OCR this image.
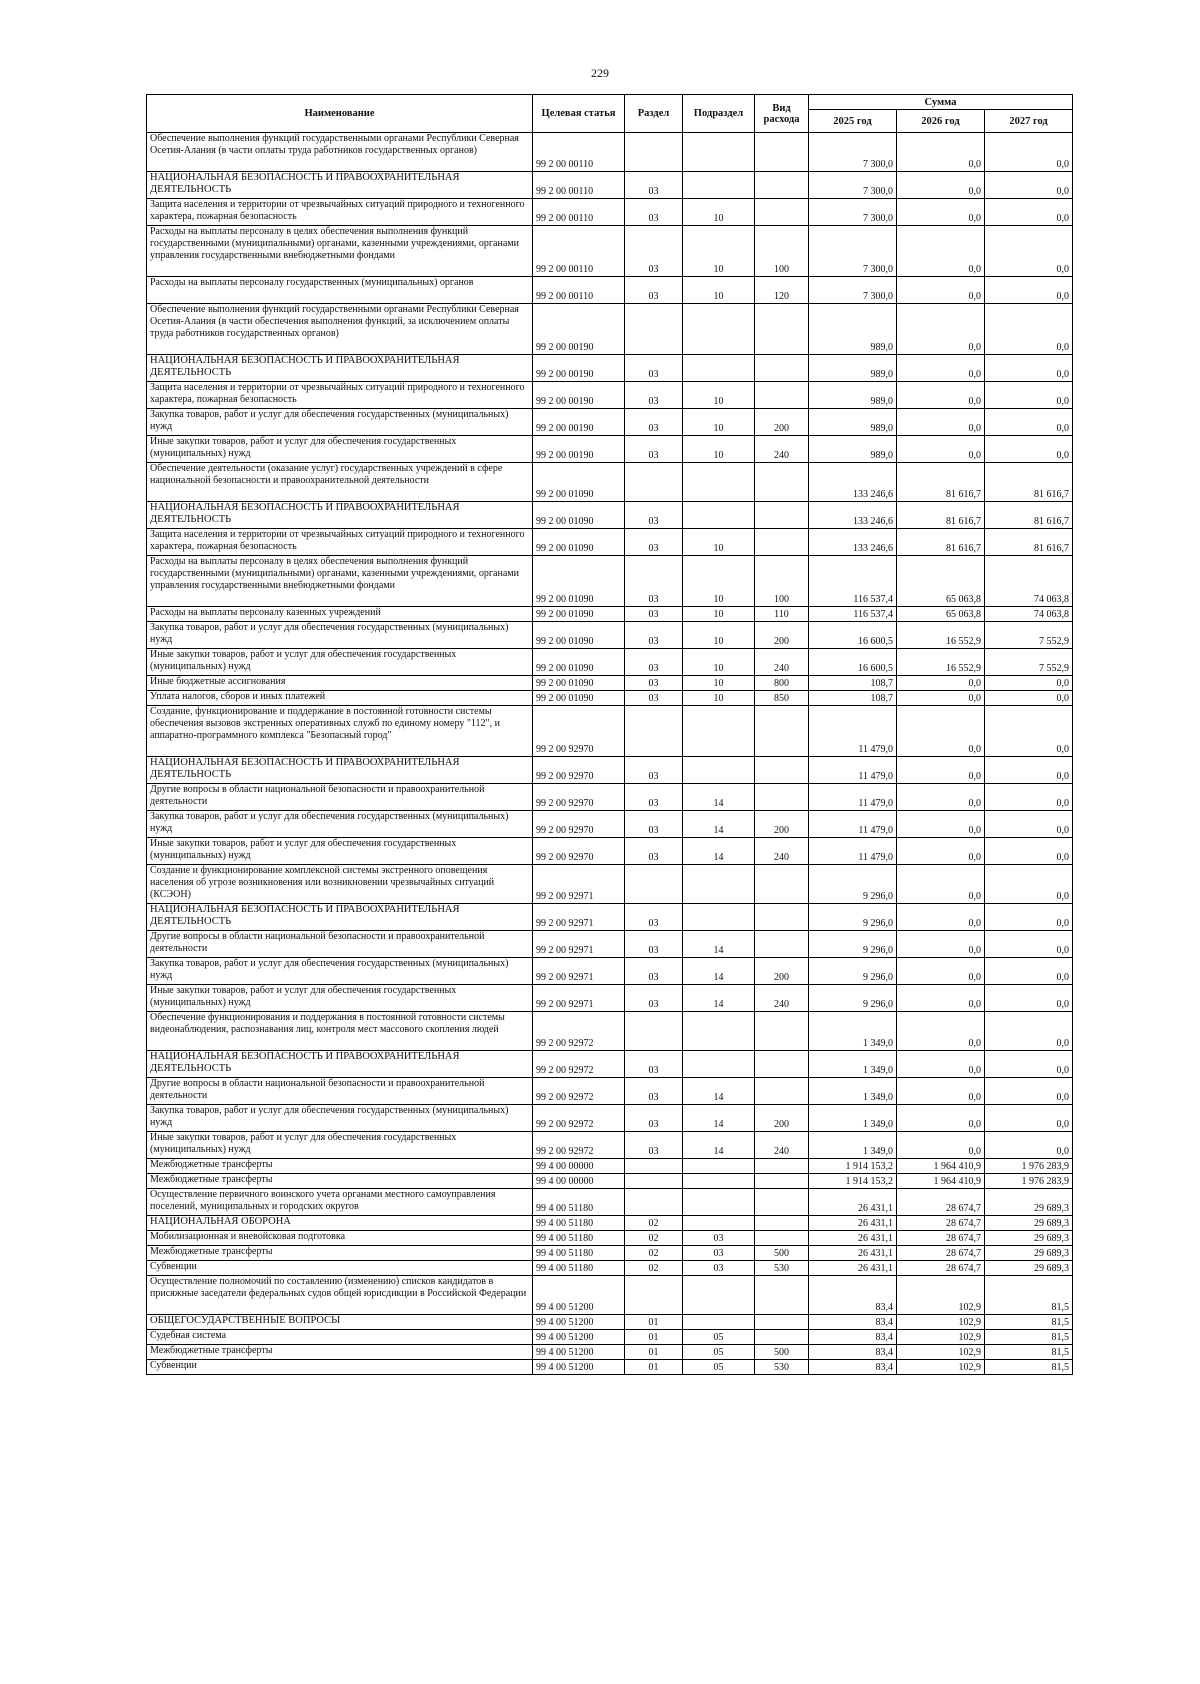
229
Наименование	Целевая статья	Раздел	Подраздел	Вид расхода	Сумма		
					2025 год	2026 год	2027 год
Обеспечение выполнения функций государственными органами Республики Северная Осетия-Алания (в части оплаты труда работников государственных органов)	99 2 00 00110				7 300,0	0,0	0,0
НАЦИОНАЛЬНАЯ БЕЗОПАСНОСТЬ И ПРАВООХРАНИТЕЛЬНАЯ ДЕЯТЕЛЬНОСТЬ	99 2 00 00110	03			7 300,0	0,0	0,0
Защита населения и территории от чрезвычайных ситуаций природного и техногенного характера, пожарная безопасность	99 2 00 00110	03	10		7 300,0	0,0	0,0
Расходы на выплаты персоналу в целях обеспечения выполнения функций государственными (муниципальными) органами, казенными учреждениями, органами управления государственными внебюджетными фондами	99 2 00 00110	03	10	100	7 300,0	0,0	0,0
Расходы на выплаты персоналу государственных (муниципальных) органов	99 2 00 00110	03	10	120	7 300,0	0,0	0,0
Обеспечение выполнения функций государственными органами Республики Северная Осетия-Алания (в части обеспечения выполнения функций, за исключением оплаты труда работников государственных органов)	99 2 00 00190				989,0	0,0	0,0
НАЦИОНАЛЬНАЯ БЕЗОПАСНОСТЬ И ПРАВООХРАНИТЕЛЬНАЯ ДЕЯТЕЛЬНОСТЬ	99 2 00 00190	03			989,0	0,0	0,0
Защита населения и территории от чрезвычайных ситуаций природного и техногенного характера, пожарная безопасность	99 2 00 00190	03	10		989,0	0,0	0,0
Закупка товаров, работ и услуг для обеспечения государственных (муниципальных) нужд	99 2 00 00190	03	10	200	989,0	0,0	0,0
Иные закупки товаров, работ и услуг для обеспечения государственных (муниципальных) нужд	99 2 00 00190	03	10	240	989,0	0,0	0,0
Обеспечение деятельности (оказание услуг) государственных учреждений в сфере национальной безопасности и правоохранительной деятельности	99 2 00 01090				133 246,6	81 616,7	81 616,7
НАЦИОНАЛЬНАЯ БЕЗОПАСНОСТЬ И ПРАВООХРАНИТЕЛЬНАЯ ДЕЯТЕЛЬНОСТЬ	99 2 00 01090	03			133 246,6	81 616,7	81 616,7
Защита населения и территории от чрезвычайных ситуаций природного и техногенного характера, пожарная безопасность	99 2 00 01090	03	10		133 246,6	81 616,7	81 616,7
Расходы на выплаты персоналу в целях обеспечения выполнения функций государственными (муниципальными) органами, казенными учреждениями, органами управления государственными внебюджетными фондами	99 2 00 01090	03	10	100	116 537,4	65 063,8	74 063,8
Расходы на выплаты персоналу казенных учреждений	99 2 00 01090	03	10	110	116 537,4	65 063,8	74 063,8
Закупка товаров, работ и услуг для обеспечения государственных (муниципальных) нужд	99 2 00 01090	03	10	200	16 600,5	16 552,9	7 552,9
Иные закупки товаров, работ и услуг для обеспечения государственных (муниципальных) нужд	99 2 00 01090	03	10	240	16 600,5	16 552,9	7 552,9
Иные бюджетные ассигнования	99 2 00 01090	03	10	800	108,7	0,0	0,0
Уплата налогов, сборов и иных платежей	99 2 00 01090	03	10	850	108,7	0,0	0,0
Создание, функционирование и поддержание в постоянной готовности системы обеспечения вызовов экстренных оперативных служб по единому номеру "112", и аппаратно-программного комплекса "Безопасный город"	99 2 00 92970				11 479,0	0,0	0,0
НАЦИОНАЛЬНАЯ БЕЗОПАСНОСТЬ И ПРАВООХРАНИТЕЛЬНАЯ ДЕЯТЕЛЬНОСТЬ	99 2 00 92970	03			11 479,0	0,0	0,0
Другие вопросы в области национальной безопасности и правоохранительной деятельности	99 2 00 92970	03	14		11 479,0	0,0	0,0
Закупка товаров, работ и услуг для обеспечения государственных (муниципальных) нужд	99 2 00 92970	03	14	200	11 479,0	0,0	0,0
Иные закупки товаров, работ и услуг для обеспечения государственных (муниципальных) нужд	99 2 00 92970	03	14	240	11 479,0	0,0	0,0
Создание и функционирование комплексной системы экстренного оповещения населения об угрозе возникновения или возникновении чрезвычайных ситуаций (КСЭОН)	99 2 00 92971				9 296,0	0,0	0,0
НАЦИОНАЛЬНАЯ БЕЗОПАСНОСТЬ И ПРАВООХРАНИТЕЛЬНАЯ ДЕЯТЕЛЬНОСТЬ	99 2 00 92971	03			9 296,0	0,0	0,0
Другие вопросы в области национальной безопасности и правоохранительной деятельности	99 2 00 92971	03	14		9 296,0	0,0	0,0
Закупка товаров, работ и услуг для обеспечения государственных (муниципальных) нужд	99 2 00 92971	03	14	200	9 296,0	0,0	0,0
Иные закупки товаров, работ и услуг для обеспечения государственных (муниципальных) нужд	99 2 00 92971	03	14	240	9 296,0	0,0	0,0
Обеспечение функционирования и поддержания в постоянной готовности системы видеонаблюдения, распознавания лиц, контроля мест массового скопления людей	99 2 00 92972				1 349,0	0,0	0,0
НАЦИОНАЛЬНАЯ БЕЗОПАСНОСТЬ И ПРАВООХРАНИТЕЛЬНАЯ ДЕЯТЕЛЬНОСТЬ	99 2 00 92972	03			1 349,0	0,0	0,0
Другие вопросы в области национальной безопасности и правоохранительной деятельности	99 2 00 92972	03	14		1 349,0	0,0	0,0
Закупка товаров, работ и услуг для обеспечения государственных (муниципальных) нужд	99 2 00 92972	03	14	200	1 349,0	0,0	0,0
Иные закупки товаров, работ и услуг для обеспечения государственных (муниципальных) нужд	99 2 00 92972	03	14	240	1 349,0	0,0	0,0
Межбюджетные трансферты	99 4 00 00000				1 914 153,2	1 964 410,9	1 976 283,9
Межбюджетные трансферты	99 4 00 00000				1 914 153,2	1 964 410,9	1 976 283,9
Осуществление первичного воинского учета органами местного самоуправления поселений, муниципальных и городских округов	99 4 00 51180				26 431,1	28 674,7	29 689,3
НАЦИОНАЛЬНАЯ ОБОРОНА	99 4 00 51180	02			26 431,1	28 674,7	29 689,3
Мобилизационная и вневойсковая подготовка	99 4 00 51180	02	03		26 431,1	28 674,7	29 689,3
Межбюджетные трансферты	99 4 00 51180	02	03	500	26 431,1	28 674,7	29 689,3
Субвенции	99 4 00 51180	02	03	530	26 431,1	28 674,7	29 689,3
Осуществление полномочий по составлению (изменению) списков кандидатов в присяжные заседатели федеральных судов общей юрисдикции в Российской Федерации	99 4 00 51200				83,4	102,9	81,5
ОБЩЕГОСУДАРСТВЕННЫЕ ВОПРОСЫ	99 4 00 51200	01			83,4	102,9	81,5
Судебная система	99 4 00 51200	01	05		83,4	102,9	81,5
Межбюджетные трансферты	99 4 00 51200	01	05	500	83,4	102,9	81,5
Субвенции	99 4 00 51200	01	05	530	83,4	102,9	81,5
